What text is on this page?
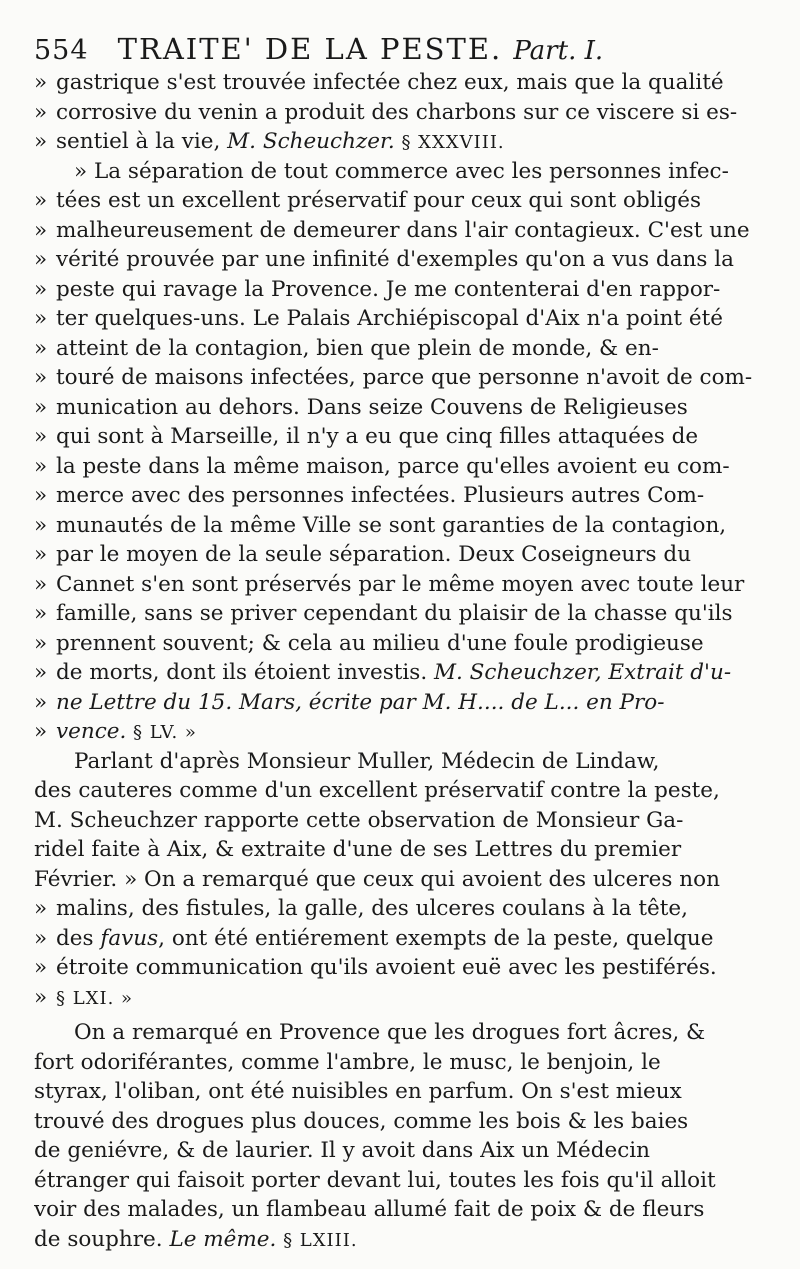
554 TRAITE' DE LA PESTE. Part. I.
» gastrique s'est trouvée infectée chez eux, mais que la qualité
» corrosive du venin a produit des charbons sur ce viscere si es-
» sentiel à la vie, M. Scheuchzer. § XXXVIII.
» La séparation de tout commerce avec les personnes infec-
» tées est un excellent préservatif pour ceux qui sont obligés
» malheureusement de demeurer dans l'air contagieux. C'est une
» vérité prouvée par une infinité d'exemples qu'on a vus dans la
» peste qui ravage la Provence. Je me contenterai d'en rappor-
» ter quelques-uns. Le Palais Archiépiscopal d'Aix n'a point été
» atteint de la contagion, bien que plein de monde, & en-
» touré de maisons infectées, parce que personne n'avoit de com-
» munication au dehors. Dans seize Couvens de Religieuses
» qui sont à Marseille, il n'y a eu que cinq filles attaquées de
» la peste dans la même maison, parce qu'elles avoient eu com-
» merce avec des personnes infectées. Plusieurs autres Com-
» munautés de la même Ville se sont garanties de la contagion,
» par le moyen de la seule séparation. Deux Coseigneurs du
» Cannet s'en sont préservés par le même moyen avec toute leur
» famille, sans se priver cependant du plaisir de la chasse qu'ils
» prennent souvent; & cela au milieu d'une foule prodigieuse
» de morts, dont ils étoient investis. M. Scheuchzer, Extrait d'u-
» ne Lettre du 15. Mars, écrite par M. H.... de L... en Pro-
» vence. § LV. »
Parlant d'après Monsieur Muller, Médecin de Lindaw,
des cauteres comme d'un excellent préservatif contre la peste,
M. Scheuchzer rapporte cette observation de Monsieur Ga-
ridel faite à Aix, & extraite d'une de ses Lettres du premier
Février. » On a remarqué que ceux qui avoient des ulceres non
» malins, des fistules, la galle, des ulceres coulans à la tête,
» des favus, ont été entiérement exempts de la peste, quelque
» étroite communication qu'ils avoient euë avec les pestiférés.
» § LXI. »
On a remarqué en Provence que les drogues fort âcres, &
fort odoriférantes, comme l'ambre, le musc, le benjoin, le
styrax, l'oliban, ont été nuisibles en parfum. On s'est mieux
trouvé des drogues plus douces, comme les bois & les baies
de geniévre, & de laurier. Il y avoit dans Aix un Médecin
étranger qui faisoit porter devant lui, toutes les fois qu'il alloit
voir des malades, un flambeau allumé fait de poix & de fleurs
de souphre. Le même. § LXIII.
